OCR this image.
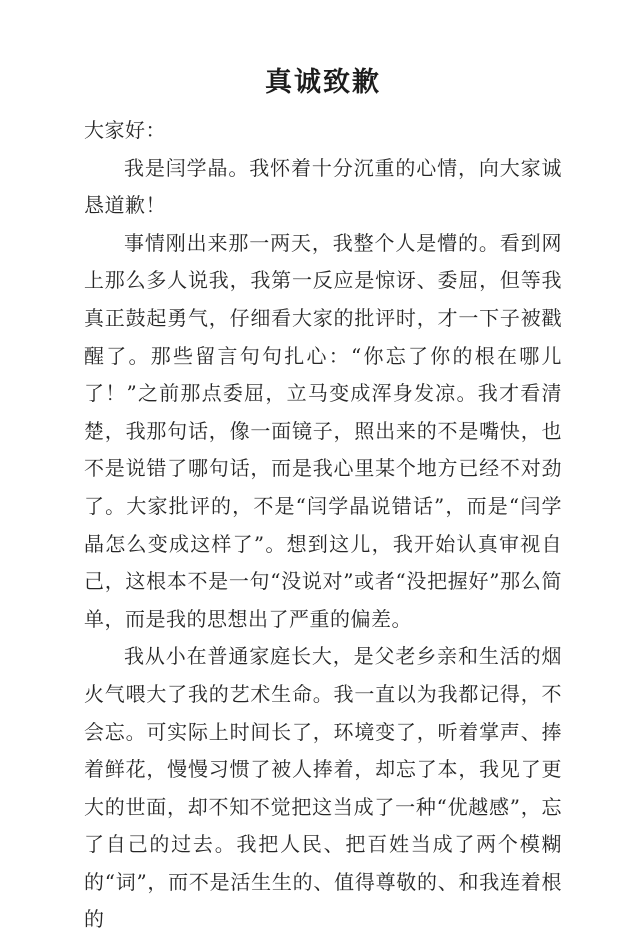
真诚致歉

大家好：

我是闫学晶。我怀着十分沉重的心情，向大家诚恳道歉！

事情刚出来那一两天，我整个人是懵的。看到网上那么多人说我，我第一反应是惊讶、委屈，但等我真正鼓起勇气，仔细看大家的批评时，才一下子被戳醒了。那些留言句句扎心：“你忘了你的根在哪儿了！”之前那点委屈，立马变成浑身发凉。我才看清楚，我那句话，像一面镜子，照出来的不是嘴快，也不是说错了哪句话，而是我心里某个地方已经不对劲了。大家批评的，不是“闫学晶说错话”，而是“闫学晶怎么变成这样了”。想到这儿，我开始认真审视自己，这根本不是一句“没说对”或者“没把握好”那么简单，而是我的思想出了严重的偏差。

我从小在普通家庭长大，是父老乡亲和生活的烟火气喂大了我的艺术生命。我一直以为我都记得，不会忘。可实际上时间长了，环境变了，听着掌声、捧着鲜花，慢慢习惯了被人捧着，却忘了本，我见了更大的世面，却不知不觉把这当成了一种“优越感”，忘了自己的过去。我把人民、把百姓当成了两个模糊的“词”，而不是活生生的、值得尊敬的、和我连着根的
